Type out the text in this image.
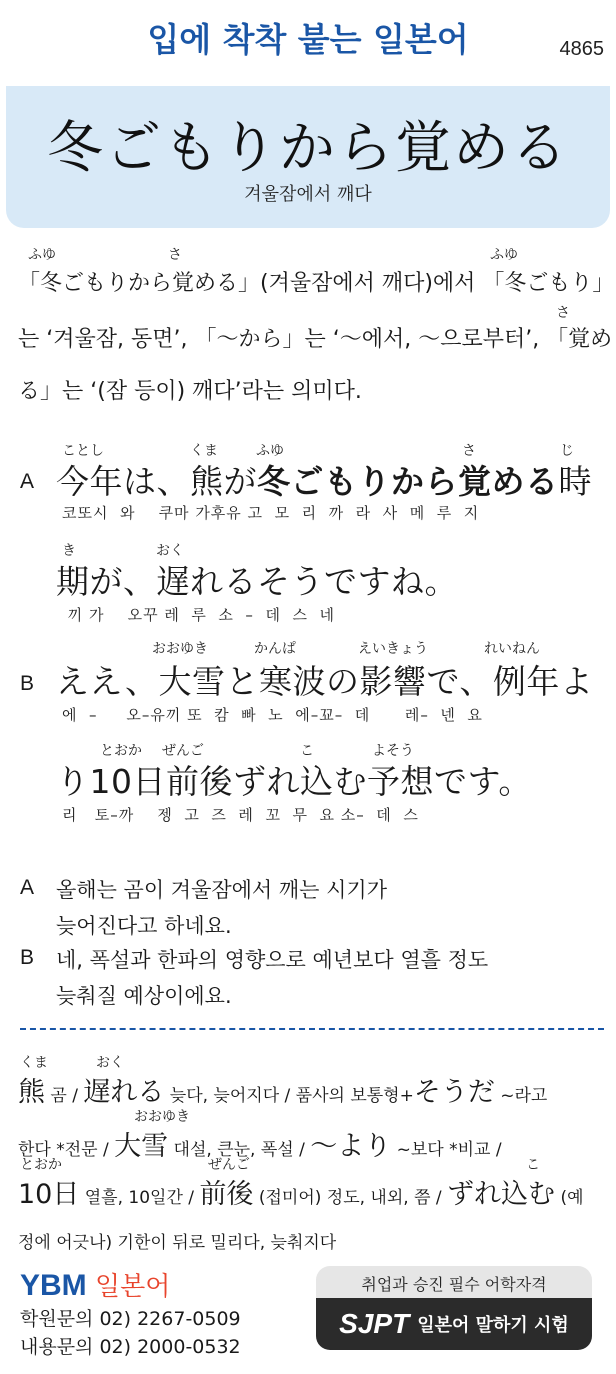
입에 착착 붙는 일본어	4865
冬ごもりから覚める
겨울잠에서 깨다
ふゆ	さ	ふゆ
「冬ごもりから覚める」(겨울잠에서 깨다)에서 「冬ごもり」
さ
는 ‘겨울잠, 동면’, 「〜から」는 ‘〜에서, 〜으로부터’, 「覚め
る」는 ‘(잠 등이) 깨다’라는 의미다.
ことし	くま	ふゆ	さ	じ
A 今年は、熊が冬ごもりから覚める時
코또시  와    쿠마 가후유 고  모  리  까  라  사  메  루  지
き	おく
期が、遅れるそうですね。
끼 가    오꾸 레  루  소  –  데  스  네
おおゆき	かんぱ	えいきょう	れいねん
B ええ、大雪と寒波の影響で、例年よ
에  –     오–유끼 또  캄  빠  노  에–꾜–  데      레–  넨  요
とおか ぜんご	こ	よそう
り10日前後ずれ込む予想です。
리   토–까    젱  고  즈  레  꼬  무  요 소–  데  스
A 올해는 곰이 겨울잠에서 깨는 시기가
늦어진다고 하네요.
B 네, 폭설과 한파의 영향으로 예년보다 열흘 정도
늦춰질 예상이에요.
くま	おく
熊 곰 / 遅れる 늦다, 늦어지다 / 품사의 보통형+そうだ ~라고
おおゆき
한다 *전문 / 大雪 대설, 큰눈, 폭설 / 〜より ~보다 *비교 /
とおか	ぜんご	こ
10日 열흘, 10일간 / 前後 (접미어) 정도, 내외, 쯤 / ずれ込む (예
정에 어긋나) 기한이 뒤로 밀리다, 늦춰지다
YBM 일본어
학원문의 02) 2267-0509
내용문의 02) 2000-0532
취업과 승진 필수 어학자격
SJPT 일본어 말하기 시험
